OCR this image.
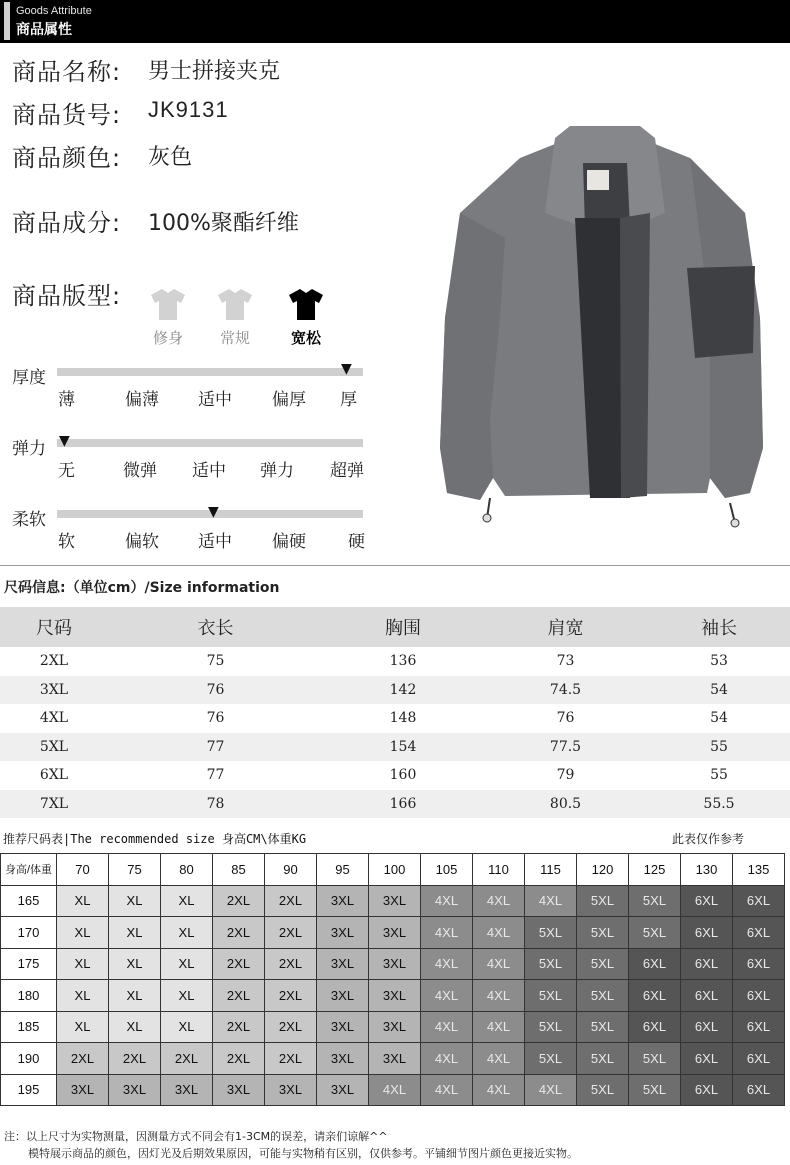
Goods Attribute
商品属性
商品名称: 男士拼接夹克
商品货号: JK9131
商品颜色: 灰色
商品成分: 100%聚酯纤维
商品版型:
修身	常规	宽松
厚度	▼
薄	偏薄 适中 偏厚 厚
弹力 ▼
无	微弹 适中 弹力 超弹
柔软	▼
软	偏软 适中 偏硬 硬
尺码信息:（单位cm）/Size information
尺码	衣长	胸围	肩宽	袖长
2XL	75	136	73	53
3XL	76	142	74.5	54
4XL	76	148	76	54
5XL	77	154	77.5	55
6XL	77	160	79	55
7XL	78	166	80.5	55.5
推荐尺码表|The recommended size 身高CM\体重KG	此表仅作参考
身高/体重	70	75	80	85	90	95	100	105	110	115	120	125	130	135
165	XL	XL	XL	2XL	2XL	3XL	3XL	4XL	4XL	4XL	5XL	5XL	6XL	6XL
170	XL	XL	XL	2XL	2XL	3XL	3XL	4XL	4XL	5XL	5XL	5XL	6XL	6XL
175	XL	XL	XL	2XL	2XL	3XL	3XL	4XL	4XL	5XL	5XL	6XL	6XL	6XL
180	XL	XL	XL	2XL	2XL	3XL	3XL	4XL	4XL	5XL	5XL	6XL	6XL	6XL
185	XL	XL	XL	2XL	2XL	3XL	3XL	4XL	4XL	5XL	5XL	6XL	6XL	6XL
190	2XL	2XL	2XL	2XL	2XL	3XL	3XL	4XL	4XL	5XL	5XL	5XL	6XL	6XL
195	3XL	3XL	3XL	3XL	3XL	3XL	4XL	4XL	4XL	4XL	5XL	5XL	6XL	6XL
注：以上尺寸为实物测量，因测量方式不同会有1-3CM的误差，请亲们谅解^^
模特展示商品的颜色，因灯光及后期效果原因，可能与实物稍有区别，仅供参考。平铺细节图片颜色更接近实物。
